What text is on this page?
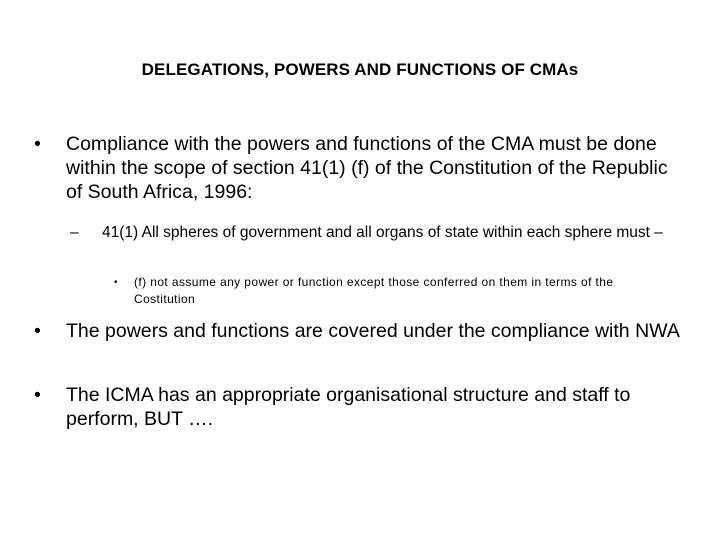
DELEGATIONS, POWERS AND FUNCTIONS OF CMAs
•	Compliance with the powers and functions of the CMA must be done within the scope of section 41(1) (f) of the Constitution of the Republic of South Africa, 1996:
–	41(1) All spheres of government and all organs of state within each sphere must –
•	(f) not assume any power or function except those conferred on them in terms of the Costitution
•	The powers and functions are covered under the compliance with NWA
•	The ICMA has an appropriate organisational structure and staff to perform, BUT ….
